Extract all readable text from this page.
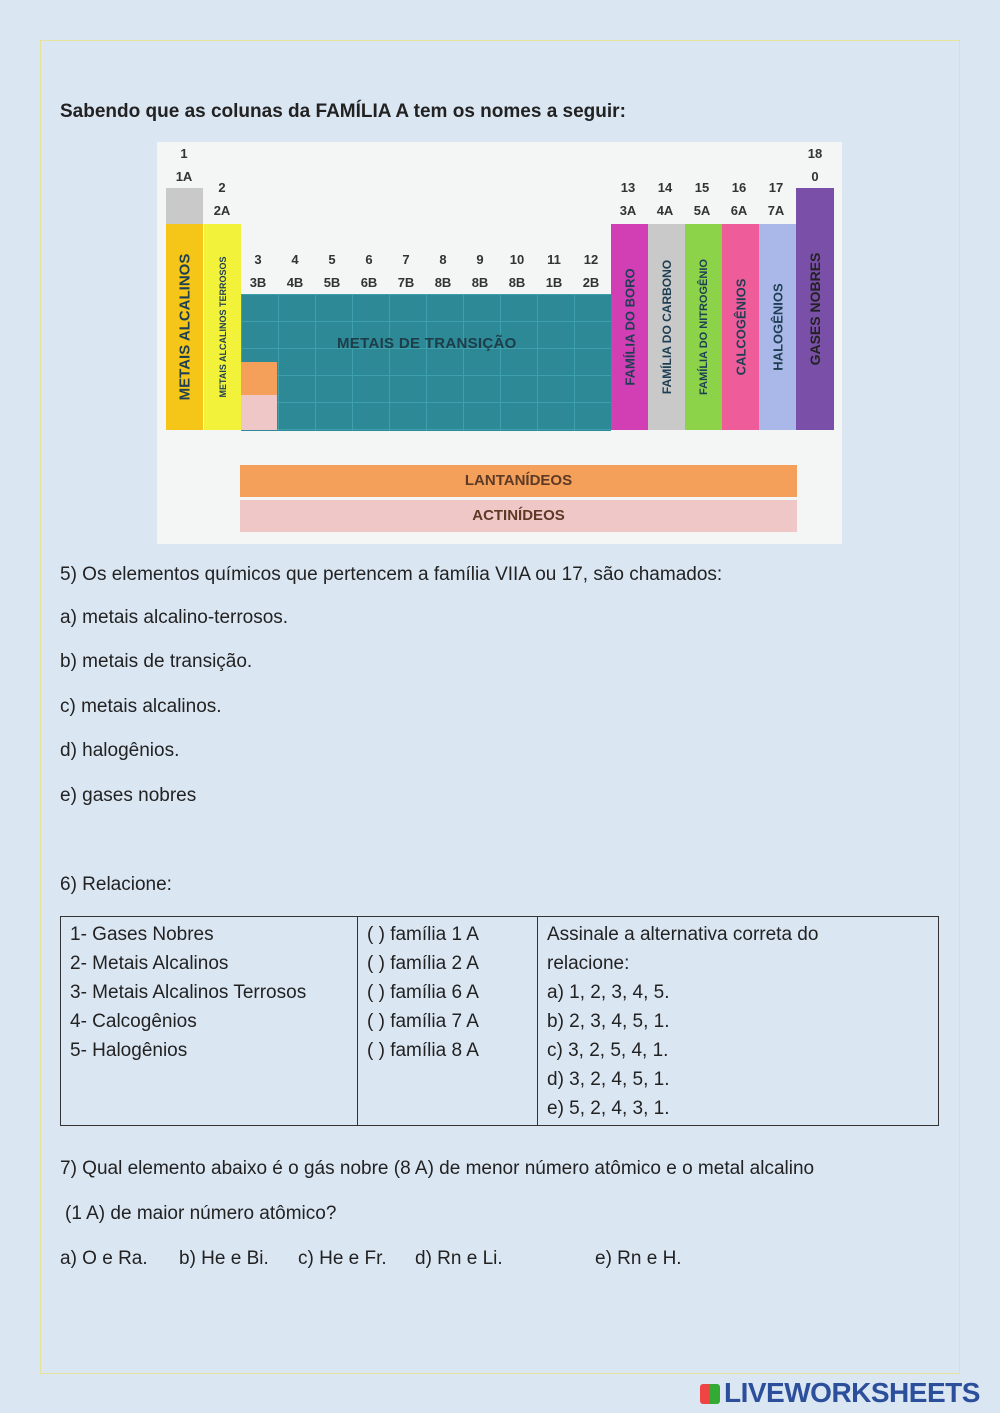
Sabendo que as colunas da FAMÍLIA A tem os nomes a seguir:
1
1A
METAIS ALCALINOS
2
2A
METAIS ALCALINOS TERROSOS	3
3B
4
4B
5
5B
6
6B
7
7B
8
8B
9
8B
10
8B
11
1B
12
2B
METAIS DE TRANSIÇÃO
13
3A
14
4A
15
5A
16
6A
17
7A
18
0
FAMÍLIA DO BORO FAMÍLIA DO CARBONO FAMÍLIA DO NITROGÊNIO CALCOGÊNIOS HALOGÊNIOS GASES NOBRES
LANTANÍDEOS
ACTINÍDEOS
5) Os elementos químicos que pertencem a família VIIA ou 17, são chamados:
a) metais alcalino-terrosos.
b) metais de transição.
c) metais alcalinos.
d) halogênios.
e) gases nobres
6) Relacione:
1- Gases Nobres
2- Metais Alcalinos
3- Metais Alcalinos Terrosos
4- Calcogênios
5- Halogênios

( ) família 1 A
( ) família 2 A
( ) família 6 A
( ) família 7 A
( ) família 8 A

Assinale a alternativa correta do
relacione:
a) 1, 2, 3, 4, 5.
b) 2, 3, 4, 5, 1.
c) 3, 2, 5, 4, 1.
d) 3, 2, 4, 5, 1.
e) 5, 2, 4, 3, 1.
7) Qual elemento abaixo é o gás nobre (8 A) de menor número atômico e o metal alcalino
(1 A) de maior número atômico?
a) O e Ra. b) He e Bi. c) He e Fr. d) Rn e Li.	e) Rn e H.
LIVEWORKSHEETS
